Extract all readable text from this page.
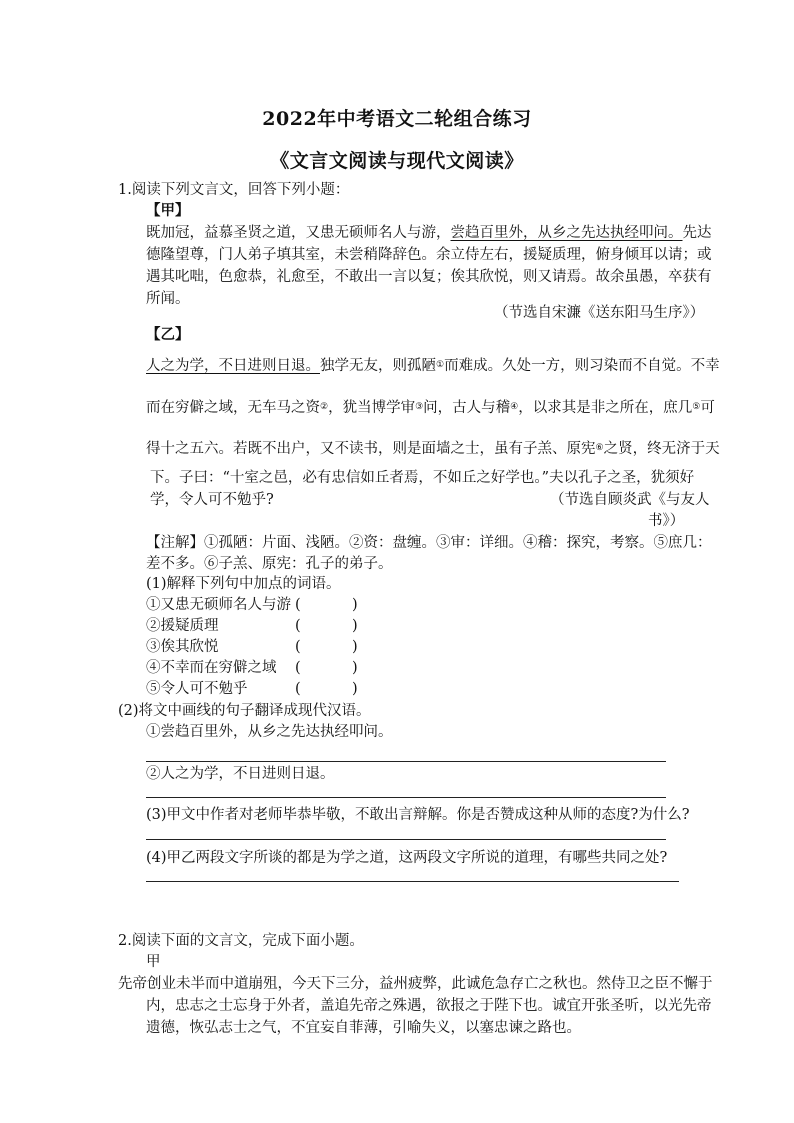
2022年中考语文二轮组合练习
《文言文阅读与现代文阅读》
1.阅读下列文言文，回答下列小题：
【甲】
既加冠，益慕圣贤之道，又患无硕师名人与游，尝趋百里外，从乡之先达执经叩问。先达
德隆望尊，门人弟子填其室，未尝稍降辞色。余立侍左右，援疑质理，俯身倾耳以请；或
遇其叱咄，色愈恭，礼愈至，不敢出一言以复；俟其欣悦，则又请焉。故余虽愚，卒获有
所闻。
（节选自宋濂《送东阳马生序》）
【乙】
人之为学，不日进则日退。独学无友，则孤陋①而难成。久处一方，则习染而不自觉。不幸
而在穷僻之域，无车马之资②，犹当博学审③问，古人与稽④，以求其是非之所在，庶几⑤可
得十之五六。若既不出户，又不读书，则是面墙之士，虽有子羔、原宪⑥之贤，终无济于天
下。子曰：“十室之邑，必有忠信如丘者焉，不如丘之好学也。”夫以孔子之圣，犹须好
学，令人可不勉乎?	（节选自顾炎武《与友人
书》）
【注解】①孤陋：片面、浅陋。②资：盘缠。③审：详细。④稽：探究，考察。⑤庶几：
差不多。⑥子羔、原宪：孔子的弟子。
(1)解释下列句中加点的词语。
①又患无硕师名人与游 (	)
②援疑质理	(	)
③俟其欣悦	(	)
④不幸而在穷僻之域 (	)
⑤令人可不勉乎	(	)
(2)将文中画线的句子翻译成现代汉语。
①尝趋百里外，从乡之先达执经叩问。
②人之为学，不日进则日退。
(3)甲文中作者对老师毕恭毕敬，不敢出言辩解。你是否赞成这种从师的态度?为什么?
(4)甲乙两段文字所谈的都是为学之道，这两段文字所说的道理，有哪些共同之处?
2.阅读下面的文言文，完成下面小题。
甲
先帝创业未半而中道崩殂，今天下三分，益州疲弊，此诚危急存亡之秋也。然侍卫之臣不懈于
内，忠志之士忘身于外者，盖追先帝之殊遇，欲报之于陛下也。诚宜开张圣听，以光先帝
遗德，恢弘志士之气，不宜妄自菲薄，引喻失义，以塞忠谏之路也。
